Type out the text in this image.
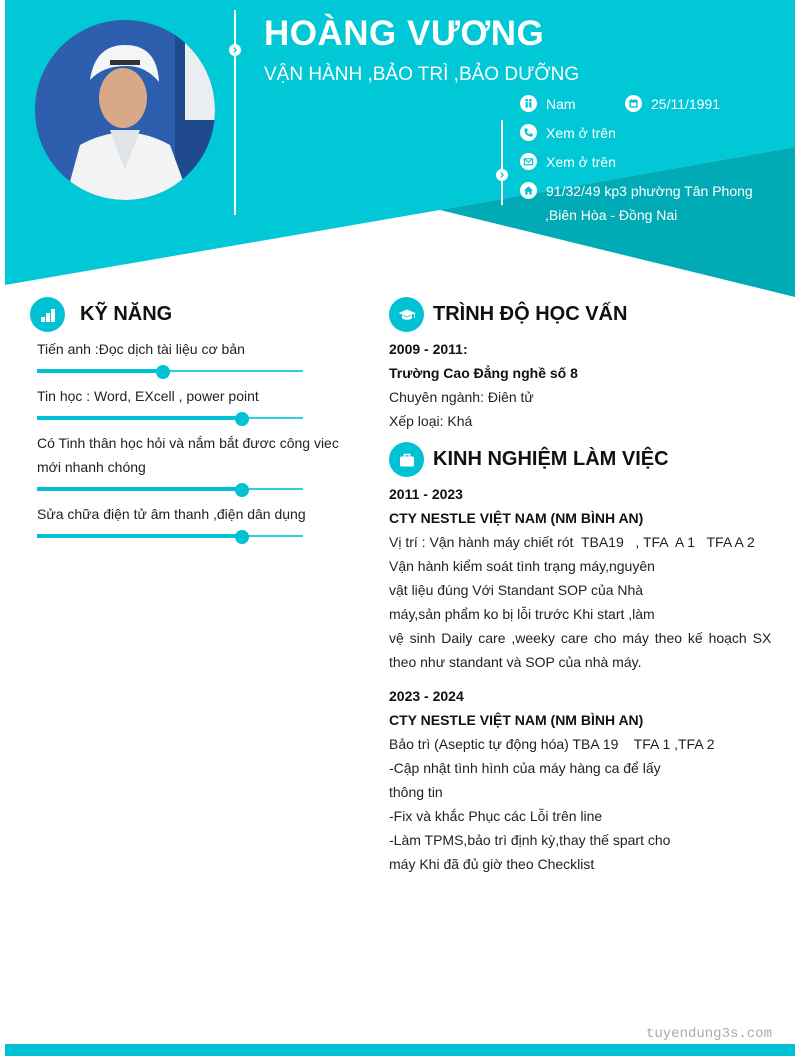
HOÀNG VƯƠNG
VẬN HÀNH ,BẢO TRÌ ,BẢO DƯỠNG
Nam	25/11/1991
Xem ở trên
Xem ở trên
91/32/49 kp3 phường Tân Phong
,Biên Hòa - Đồng Nai
KỸ NĂNG
Tiến anh :Đọc dịch tài liệu cơ bản
Tin học : Word, EXcell , power point
Có Tinh thân học hỏi và nắm bắt đươc công viec
mới nhanh chóng
Sửa chữa điện tử âm thanh ,điện dân dụng
TRÌNH ĐỘ HỌC VẤN
2009 - 2011:
Trường Cao Đẳng nghề số 8
Chuyên ngành: Điên tử
Xếp loại: Khá
KINH NGHIỆM LÀM VIỆC
2011 - 2023
CTY NESTLE VIỆT NAM (NM BÌNH AN)
Vị trí : Vận hành máy chiết rót  TBA19   , TFA  A 1   TFA A 2
Vận hành kiểm soát tình trạng máy,nguyên
vật liệu đúng Với Standant SOP của Nhà
máy,sản phẩm ko bị lỗi trước Khi start ,làm
vệ sinh Daily care ,weeky care cho máy theo kế hoạch SX
theo như standant và SOP của nhà máy.
2023 - 2024
CTY NESTLE VIỆT NAM (NM BÌNH AN)
Bảo trì (Aseptic tự động hóa) TBA 19    TFA 1 ,TFA 2
-Cập nhật tình hình của máy hàng ca để lấy
thông tin
-Fix và khắc Phục các Lỗi trên line
-Làm TPMS,bảo trì định kỳ,thay thế spart cho
máy Khi đã đủ giờ theo Checklist
tuyendung3s.com
